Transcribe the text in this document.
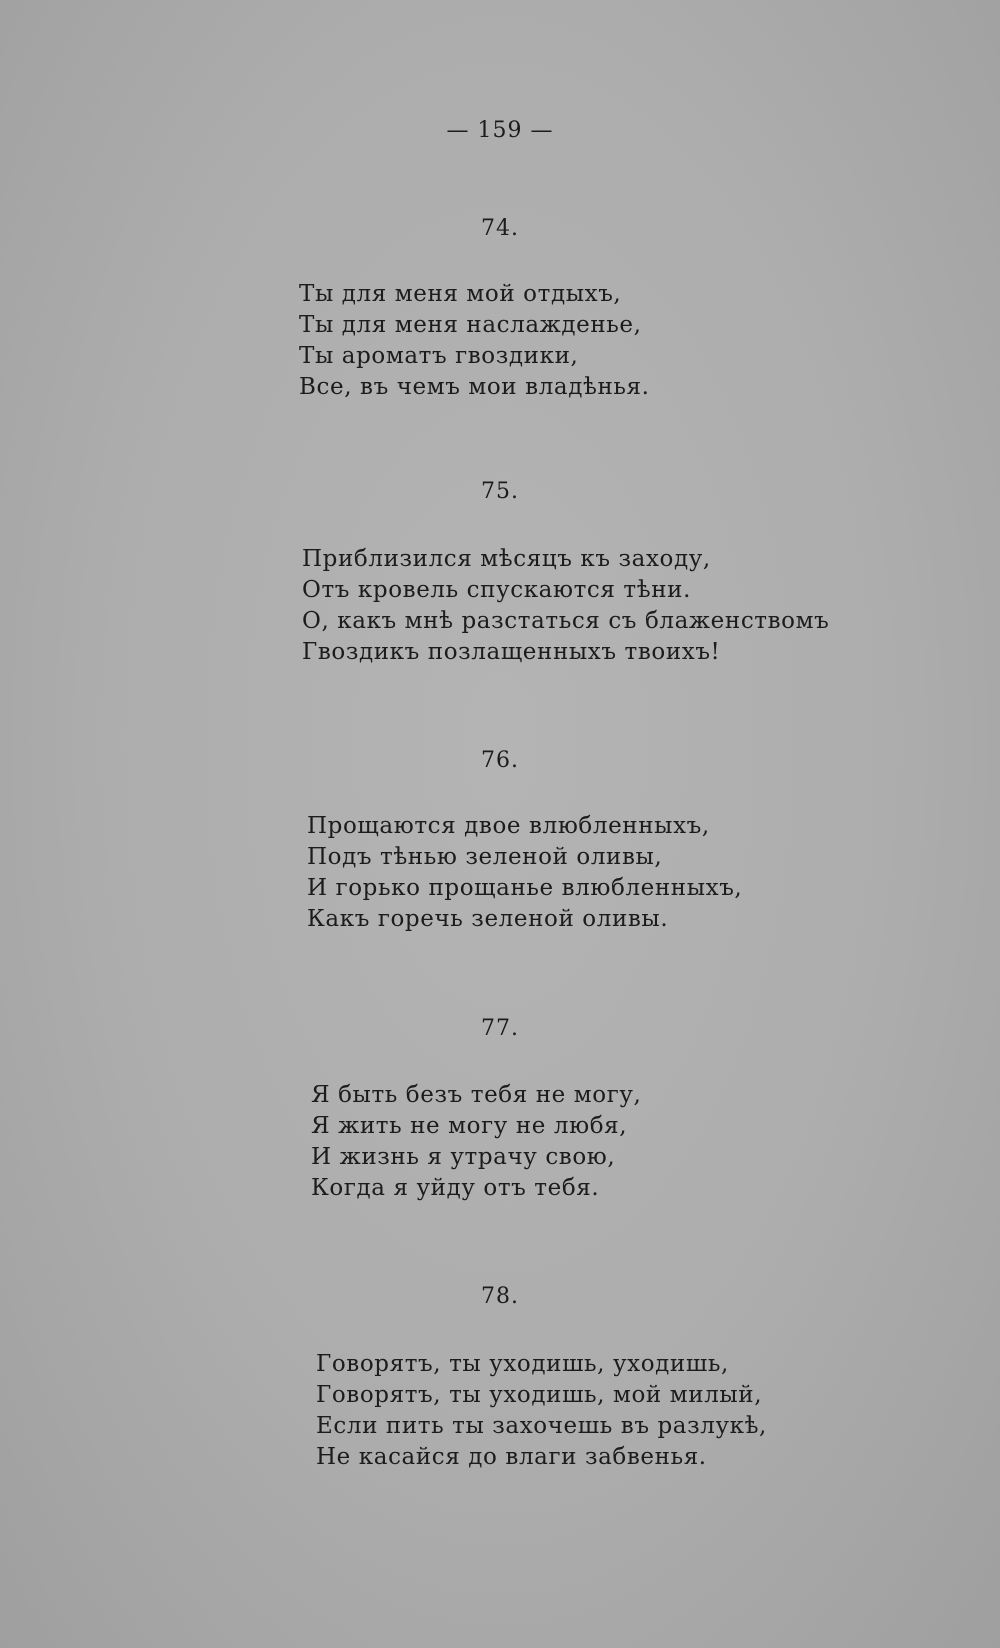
— 159 —
74.
Ты для меня мой отдыхъ,
Ты для меня наслажденье,
Ты ароматъ гвоздики,
Все, въ чемъ мои владѣнья.
75.
Приблизился мѣсяцъ къ заходу,
Отъ кровель спускаются тѣни.
О, какъ мнѣ разстаться съ блаженствомъ
Гвоздикъ позлащенныхъ твоихъ!
76.
Прощаются двое влюбленныхъ,
Подъ тѣнью зеленой оливы,
И горько прощанье влюбленныхъ,
Какъ горечь зеленой оливы.
77.
Я быть безъ тебя не могу,
Я жить не могу не любя,
И жизнь я утрачу свою,
Когда я уйду отъ тебя.
78.
Говорятъ, ты уходишь, уходишь,
Говорятъ, ты уходишь, мой милый,
Если пить ты захочешь въ разлукѣ,
Не касайся до влаги забвенья.
